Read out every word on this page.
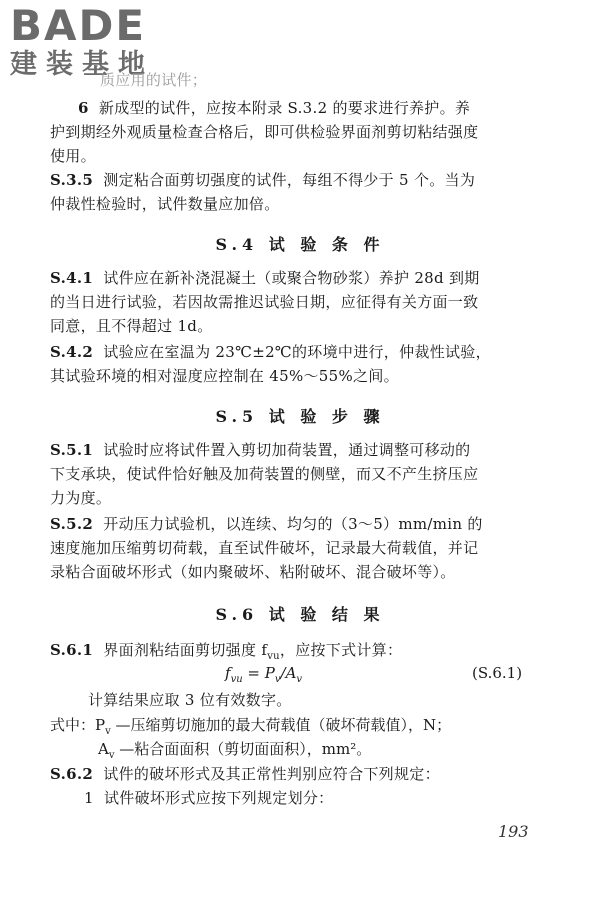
BADE
建装基地
质应用的试件；
6 新成型的试件，应按本附录 S.3.2 的要求进行养护。养
护到期经外观质量检查合格后，即可供检验界面剂剪切粘结强度
使用。
S.3.5 测定粘合面剪切强度的试件，每组不得少于 5 个。当为
仲裁性检验时，试件数量应加倍。
S.4 试 验 条 件
S.4.1 试件应在新补浇混凝土（或聚合物砂浆）养护 28d 到期
的当日进行试验，若因故需推迟试验日期，应征得有关方面一致
同意，且不得超过 1d。
S.4.2 试验应在室温为 23℃±2℃的环境中进行，仲裁性试验，
其试验环境的相对湿度应控制在 45%～55%之间。
S.5 试 验 步 骤
S.5.1 试验时应将试件置入剪切加荷装置，通过调整可移动的
下支承块，使试件恰好触及加荷装置的侧壁，而又不产生挤压应
力为度。
S.5.2 开动压力试验机，以连续、均匀的（3～5）mm/min 的
速度施加压缩剪切荷载，直至试件破坏，记录最大荷载值，并记
录粘合面破坏形式（如内聚破坏、粘附破坏、混合破坏等）。
S.6 试 验 结 果
S.6.1 界面剂粘结面剪切强度 $f_{vu}$，应按下式计算：
$f_{vu} = P_v/A_v$	(S.6.1)
计算结果应取 3 位有效数字。
式中：$P_v$ —压缩剪切施加的最大荷载值（破坏荷载值），N；
$A_v$ —粘合面面积（剪切面面积），mm²。
S.6.2 试件的破坏形式及其正常性判别应符合下列规定：
1 试件破坏形式应按下列规定划分：
193
